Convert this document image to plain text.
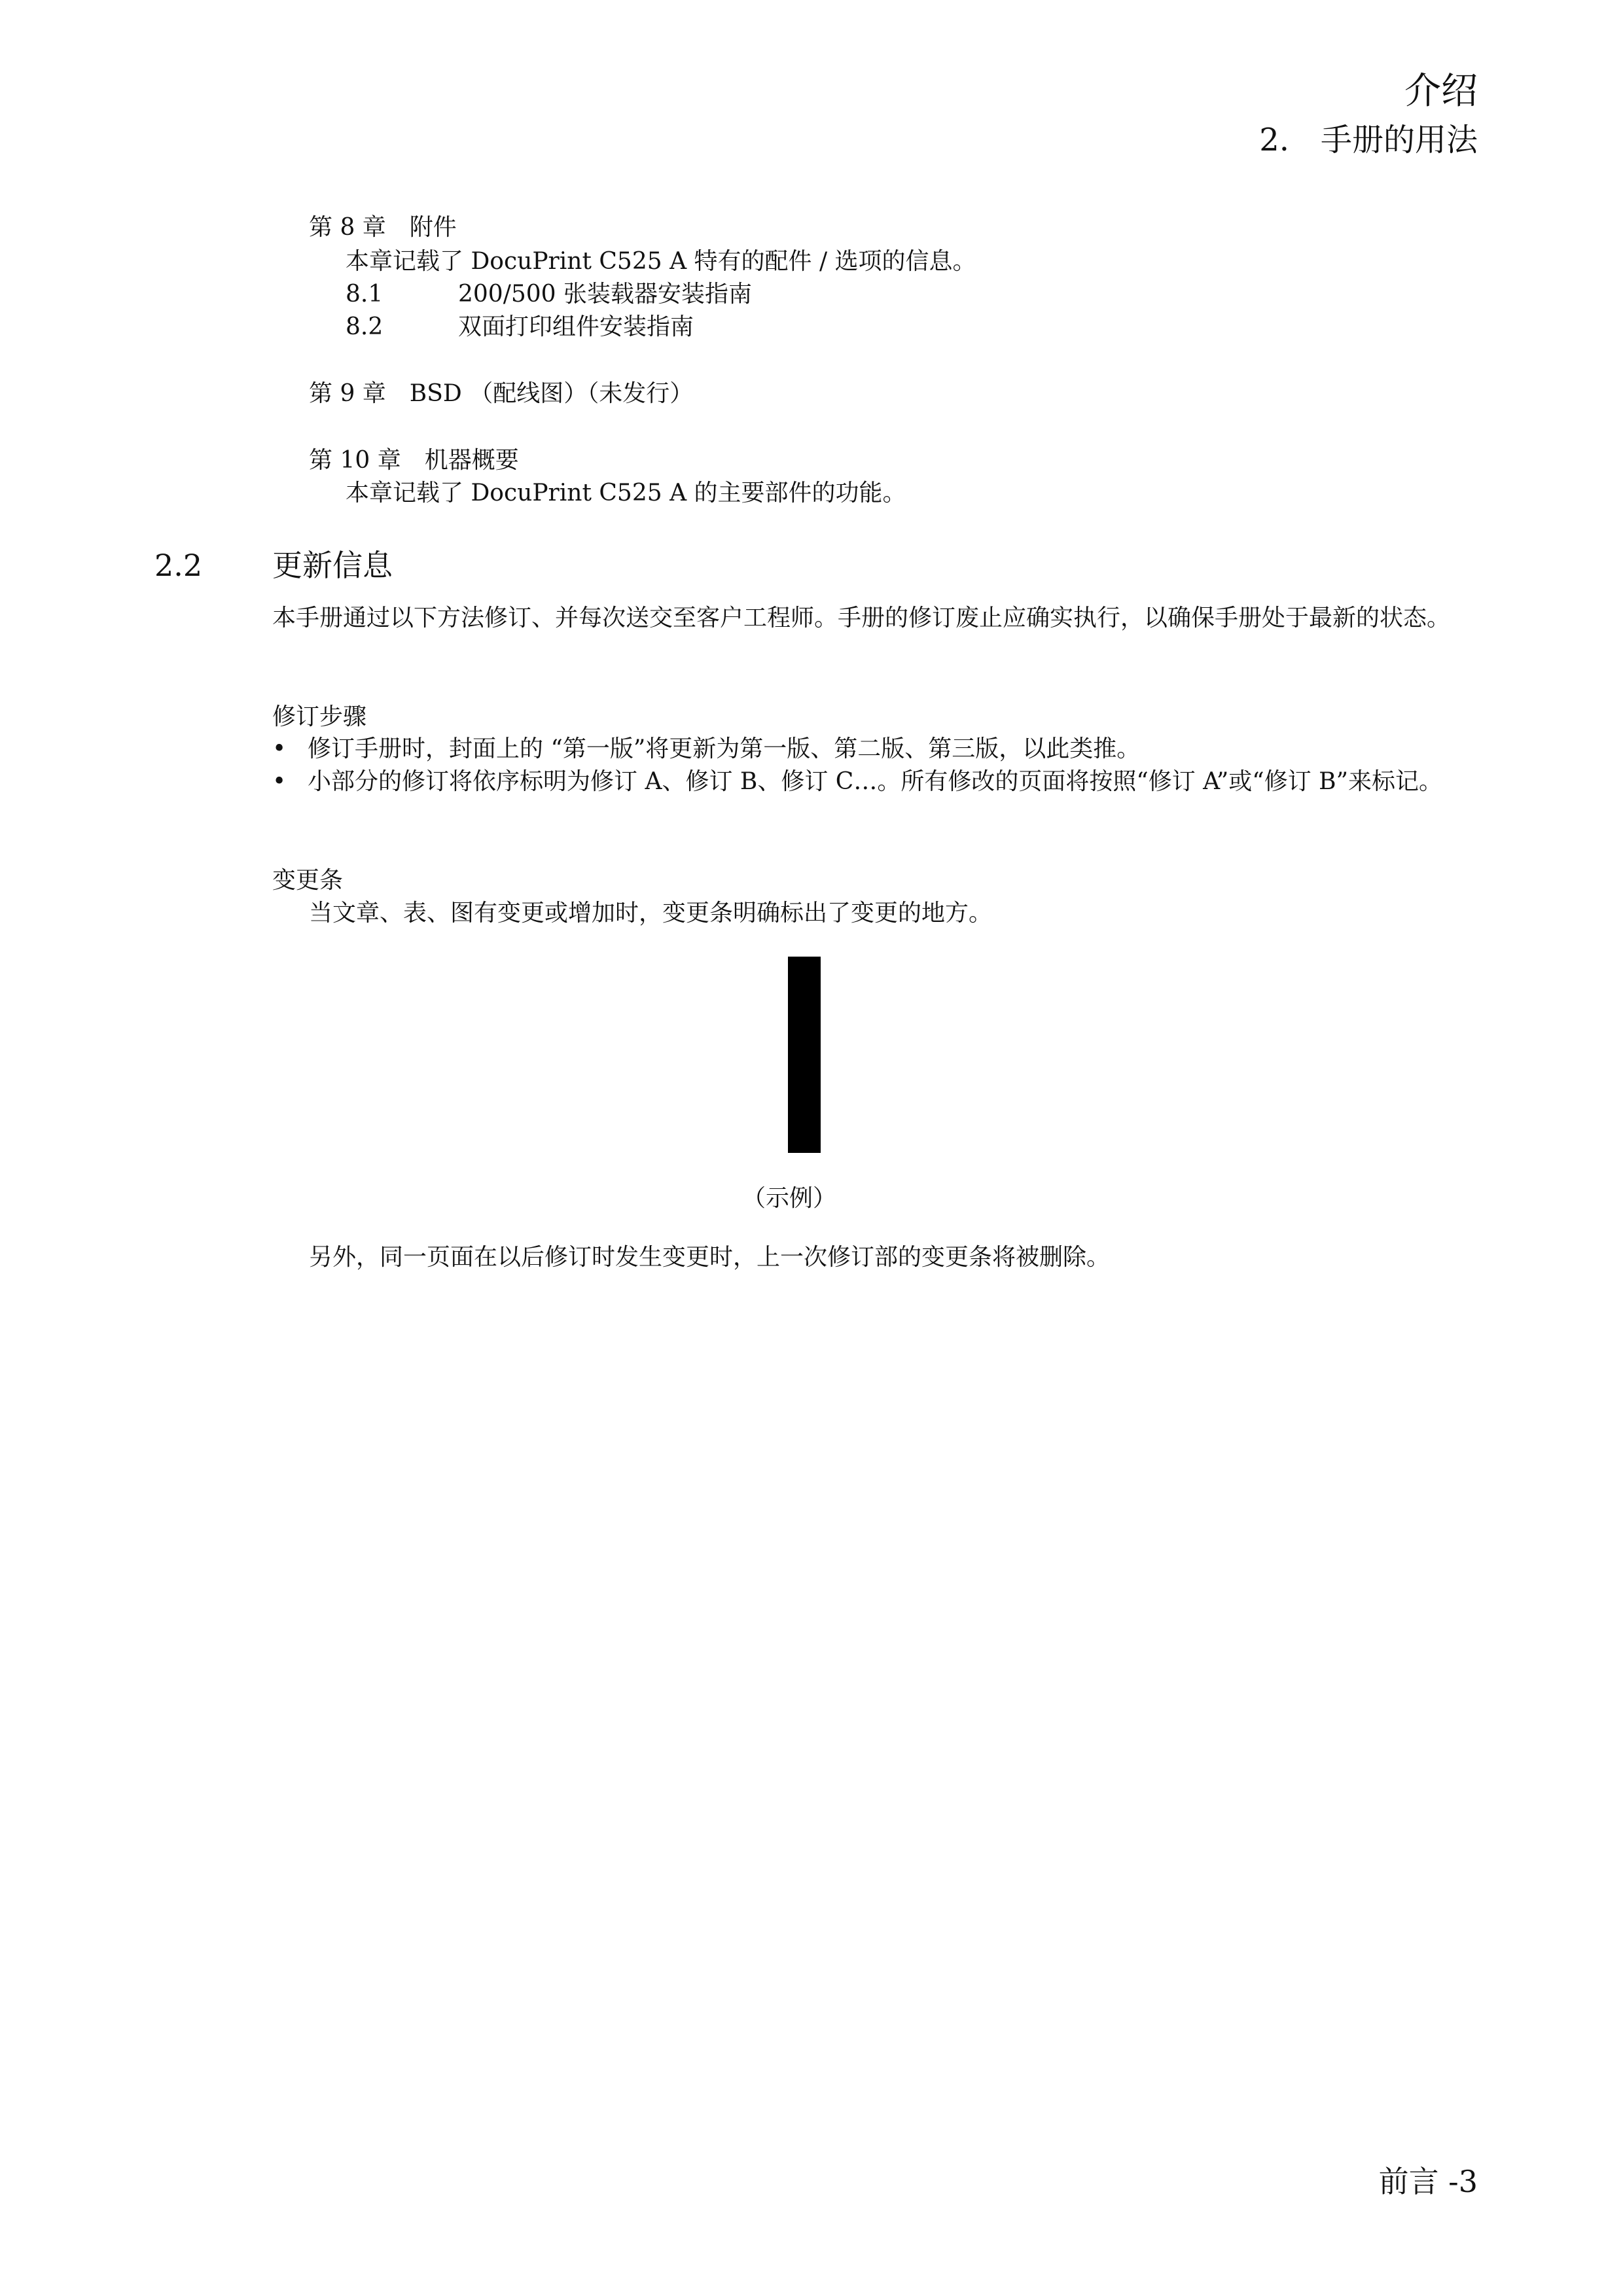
介绍
2.　手册的用法
第 8 章　附件
本章记载了 DocuPrint C525 A 特有的配件 / 选项的信息。
8.1	200/500 张装载器安装指南
8.2	双面打印组件安装指南
第 9 章　BSD （配线图）（未发行）
第 10 章　机器概要
本章记载了 DocuPrint C525 A 的主要部件的功能。
2.2 更新信息
本手册通过以下方法修订、并每次送交至客户工程师。手册的修订废止应确实执行，以确保手册处于最新的状态。
修订步骤
• 修订手册时，封面上的 “第一版”将更新为第一版、第二版、第三版，以此类推。
• 小部分的修订将依序标明为修订 A、修订 B、修订 C…。所有修改的页面将按照“修订 A”或“修订 B”来标记。
变更条
当文章、表、图有变更或增加时，变更条明确标出了变更的地方。
（示例）
另外，同一页面在以后修订时发生变更时，上一次修订部的变更条将被删除。
前言 -3
